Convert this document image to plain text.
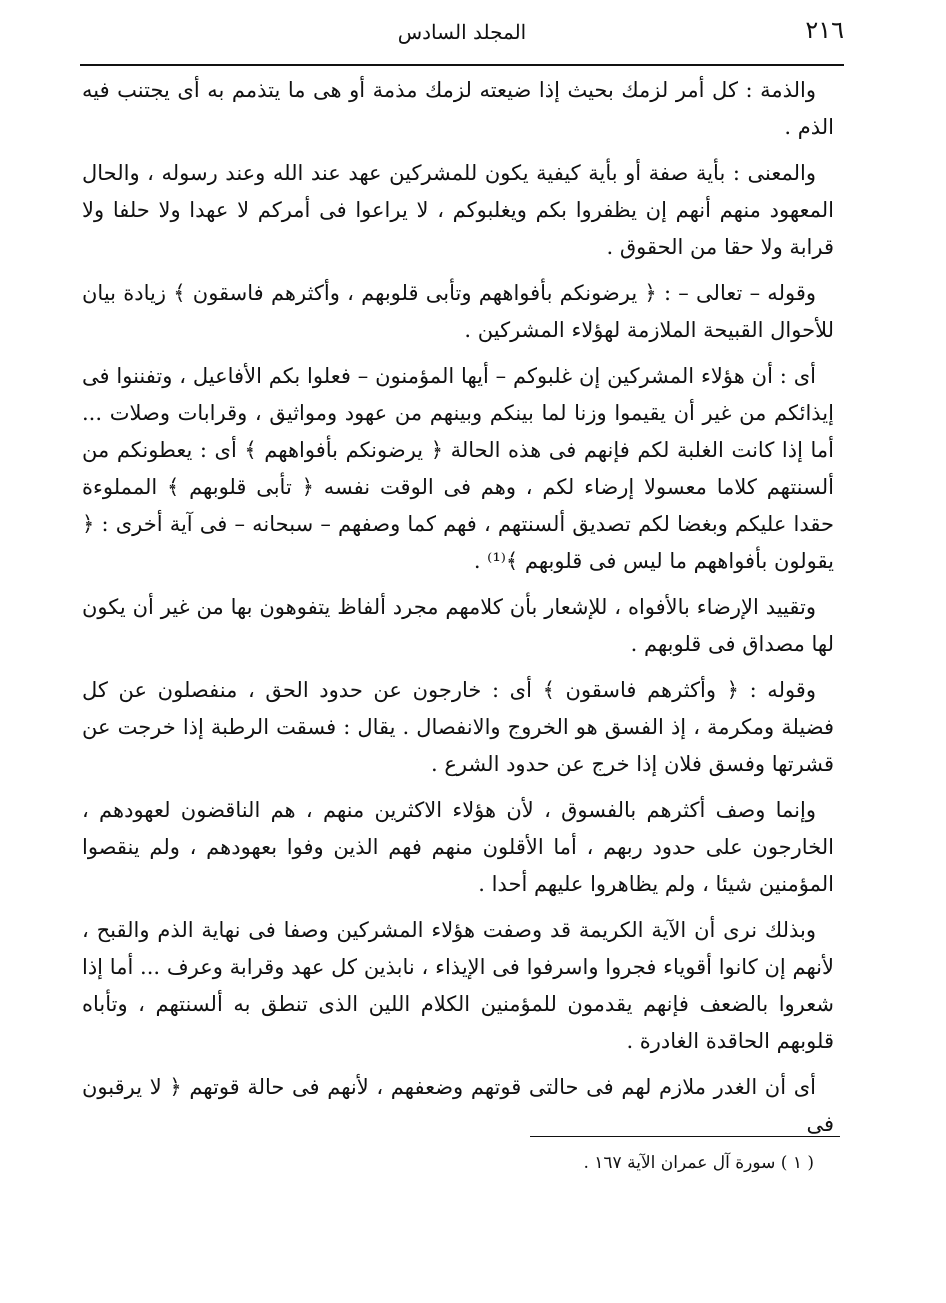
٢١٦
المجلد السادس

والذمة : كل أمر لزمك بحيث إذا ضيعته لزمك مذمة أو هى ما يتذمم به أى يجتنب فيه الذم .

والمعنى : بأية صفة أو بأية كيفية يكون للمشركين عهد عند الله وعند رسوله ، والحال المعهود منهم أنهم إن يظفروا بكم ويغلبوكم ، لا يراعوا فى أمركم لا عهدا ولا حلفا ولا قرابة ولا حقا من الحقوق .

وقوله – تعالى – : ﴿ يرضونكم بأفواههم وتأبى قلوبهم ، وأكثرهم فاسقون ﴾ زيادة بيان للأحوال القبيحة الملازمة لهؤلاء المشركين .

أى : أن هؤلاء المشركين إن غلبوكم – أيها المؤمنون – فعلوا بكم الأفاعيل ، وتفننوا فى إيذائكم من غير أن يقيموا وزنا لما بينكم وبينهم من عهود ومواثيق ، وقرابات وصلات ... أما إذا كانت الغلبة لكم فإنهم فى هذه الحالة ﴿ يرضونكم بأفواههم ﴾ أى : يعطونكم من ألسنتهم كلاما معسولا إرضاء لكم ، وهم فى الوقت نفسه ﴿ تأبى قلوبهم ﴾ المملوءة حقدا عليكم وبغضا لكم تصديق ألسنتهم ، فهم كما وصفهم – سبحانه – فى آية أخرى : ﴿ يقولون بأفواههم ما ليس فى قلوبهم ﴾⁽¹⁾ .

وتقييد الإرضاء بالأفواه ، للإشعار بأن كلامهم مجرد ألفاظ يتفوهون بها من غير أن يكون لها مصداق فى قلوبهم .

وقوله : ﴿ وأكثرهم فاسقون ﴾ أى : خارجون عن حدود الحق ، منفصلون عن كل فضيلة ومكرمة ، إذ الفسق هو الخروج والانفصال . يقال : فسقت الرطبة إذا خرجت عن قشرتها وفسق فلان إذا خرج عن حدود الشرع .

وإنما وصف أكثرهم بالفسوق ، لأن هؤلاء الاكثرين منهم ، هم الناقضون لعهودهم ، الخارجون على حدود ربهم ، أما الأقلون منهم فهم الذين وفوا بعهودهم ، ولم ينقصوا المؤمنين شيئا ، ولم يظاهروا عليهم أحدا .

وبذلك نرى أن الآية الكريمة قد وصفت هؤلاء المشركين وصفا فى نهاية الذم والقبح ، لأنهم إن كانوا أقوياء فجروا واسرفوا فى الإيذاء ، نابذين كل عهد وقرابة وعرف ... أما إذا شعروا بالضعف فإنهم يقدمون للمؤمنين الكلام اللين الذى تنطق به ألسنتهم ، وتأباه قلوبهم الحاقدة الغادرة .

أى أن الغدر ملازم لهم فى حالتى قوتهم وضعفهم ، لأنهم فى حالة قوتهم ﴿ لا يرقبون فى

( ١ ) سورة آل عمران الآية ١٦٧ .
